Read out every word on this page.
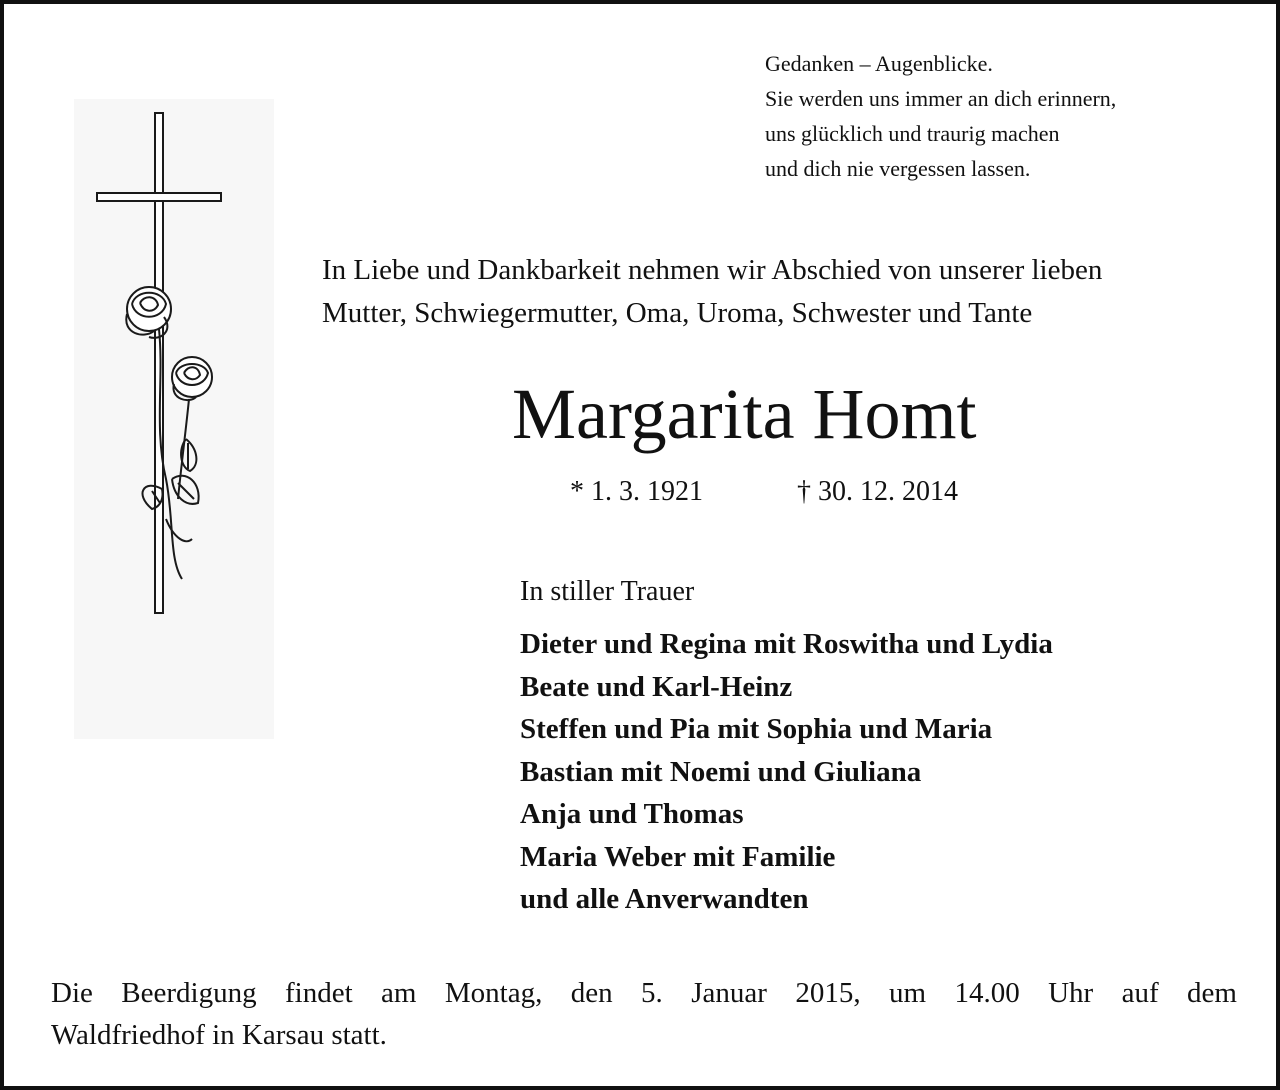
Gedanken – Augenblicke.
Sie werden uns immer an dich erinnern,
uns glücklich und traurig machen
und dich nie vergessen lassen.
In Liebe und Dankbarkeit nehmen wir Abschied von unserer lieben
Mutter, Schwiegermutter, Oma, Uroma, Schwester und Tante
Margarita Homt
* 1. 3. 1921	† 30. 12. 2014
In stiller Trauer
Dieter und Regina mit Roswitha und Lydia
Beate und Karl-Heinz
Steffen und Pia mit Sophia und Maria
Bastian mit Noemi und Giuliana
Anja und Thomas
Maria Weber mit Familie
und alle Anverwandten
Die Beerdigung findet am Montag, den 5. Januar 2015, um 14.00 Uhr auf dem
Waldfriedhof in Karsau statt.
